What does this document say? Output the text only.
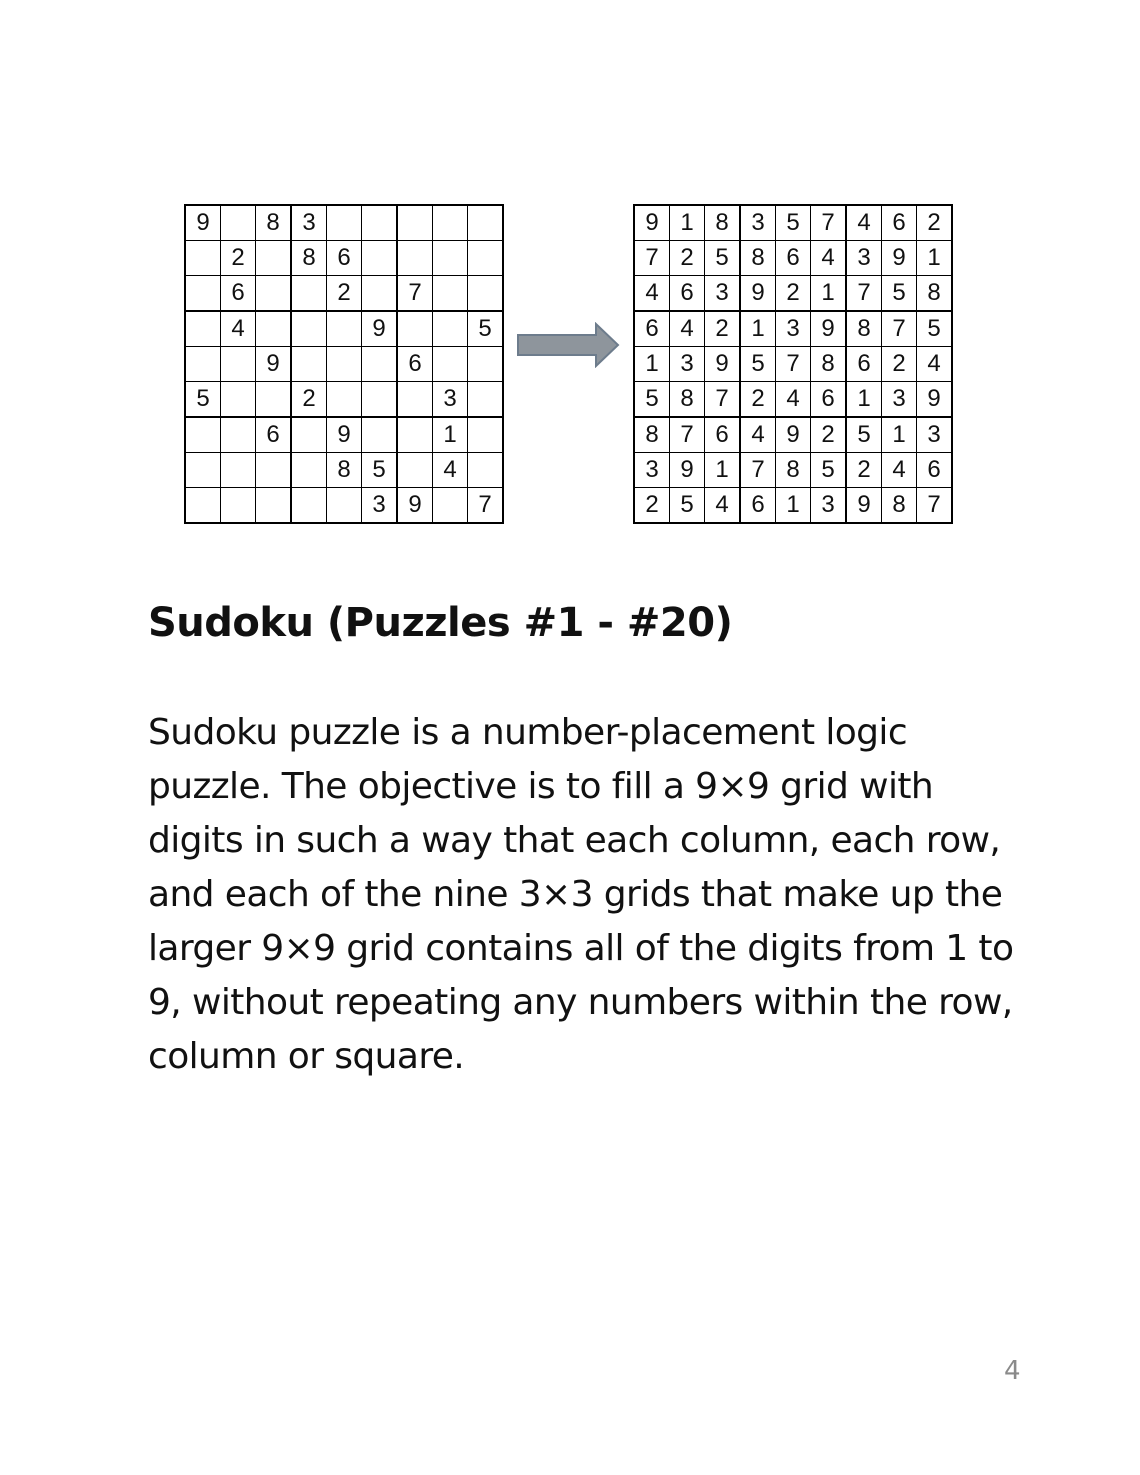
9		8	3					
	2		8	6				
	6			2		7		
	4				9			5
		9				6		
5			2				3	
		6		9			1	
				8	5		4	
					3	9		7
9	1	8	3	5	7	4	6	2
7	2	5	8	6	4	3	9	1
4	6	3	9	2	1	7	5	8
6	4	2	1	3	9	8	7	5
1	3	9	5	7	8	6	2	4
5	8	7	2	4	6	1	3	9
8	7	6	4	9	2	5	1	3
3	9	1	7	8	5	2	4	6
2	5	4	6	1	3	9	8	7
Sudoku (Puzzles #1 - #20)

Sudoku puzzle is a number-placement logic puzzle. The objective is to fill a 9×9 grid with digits in such a way that each column, each row, and each of the nine 3×3 grids that make up the larger 9×9 grid contains all of the digits from 1 to 9, without repeating any numbers within the row, column or square.

4
